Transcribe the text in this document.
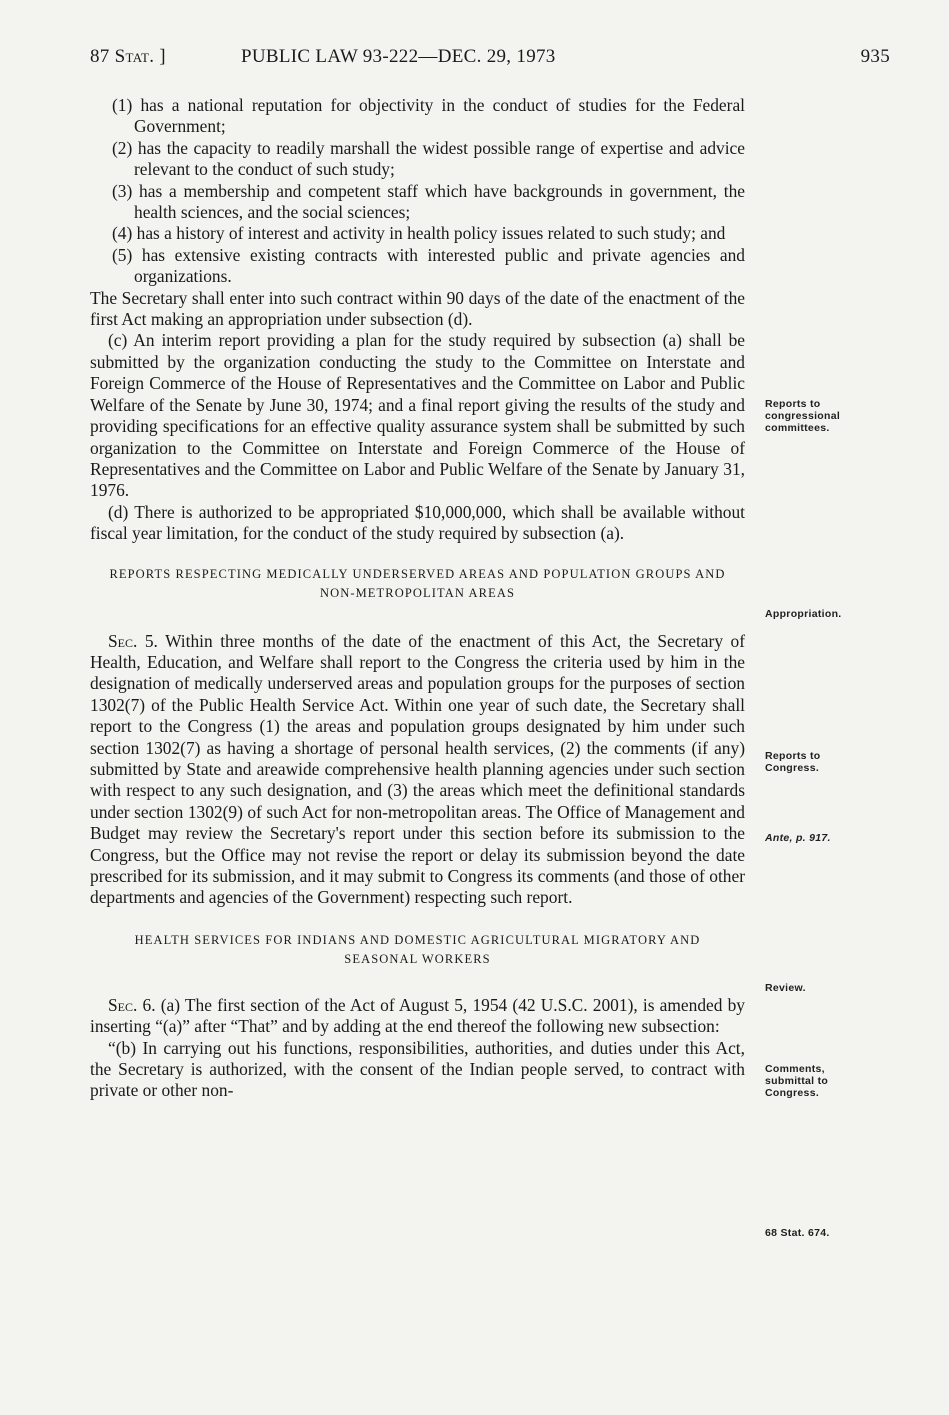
87 Stat. ]	PUBLIC LAW 93-222—DEC. 29, 1973	935

(1) has a national reputation for objectivity in the conduct of studies for the Federal Government;

(2) has the capacity to readily marshall the widest possible range of expertise and advice relevant to the conduct of such study;

(3) has a membership and competent staff which have backgrounds in government, the health sciences, and the social sciences;

(4) has a history of interest and activity in health policy issues related to such study; and

(5) has extensive existing contracts with interested public and private agencies and organizations.

The Secretary shall enter into such contract within 90 days of the date of the enactment of the first Act making an appropriation under subsection (d).

(c) An interim report providing a plan for the study required by subsection (a) shall be submitted by the organization conducting the study to the Committee on Interstate and Foreign Commerce of the House of Representatives and the Committee on Labor and Public Welfare of the Senate by June 30, 1974; and a final report giving the results of the study and providing specifications for an effective quality assurance system shall be submitted by such organization to the Committee on Interstate and Foreign Commerce of the House of Representatives and the Committee on Labor and Public Welfare of the Senate by January 31, 1976.

(d) There is authorized to be appropriated $10,000,000, which shall be available without fiscal year limitation, for the conduct of the study required by subsection (a).

REPORTS RESPECTING MEDICALLY UNDERSERVED AREAS AND POPULATION GROUPS AND NON-METROPOLITAN AREAS

Sec. 5. Within three months of the date of the enactment of this Act, the Secretary of Health, Education, and Welfare shall report to the Congress the criteria used by him in the designation of medically underserved areas and population groups for the purposes of section 1302(7) of the Public Health Service Act. Within one year of such date, the Secretary shall report to the Congress (1) the areas and population groups designated by him under such section 1302(7) as having a shortage of personal health services, (2) the comments (if any) submitted by State and areawide comprehensive health planning agencies under such section with respect to any such designation, and (3) the areas which meet the definitional standards under section 1302(9) of such Act for non-metropolitan areas. The Office of Management and Budget may review the Secretary's report under this section before its submission to the Congress, but the Office may not revise the report or delay its submission beyond the date prescribed for its submission, and it may submit to Congress its comments (and those of other departments and agencies of the Government) respecting such report.

HEALTH SERVICES FOR INDIANS AND DOMESTIC AGRICULTURAL MIGRATORY AND SEASONAL WORKERS

Sec. 6. (a) The first section of the Act of August 5, 1954 (42 U.S.C. 2001), is amended by inserting “(a)” after “That” and by adding at the end thereof the following new subsection:

“(b) In carrying out his functions, responsibilities, authorities, and duties under this Act, the Secretary is authorized, with the consent of the Indian people served, to contract with private or other non-

Reports to congressional committees.
Appropriation.
Reports to Congress.
Ante, p. 917.
Review.
Comments, submittal to Congress.
68 Stat. 674.
